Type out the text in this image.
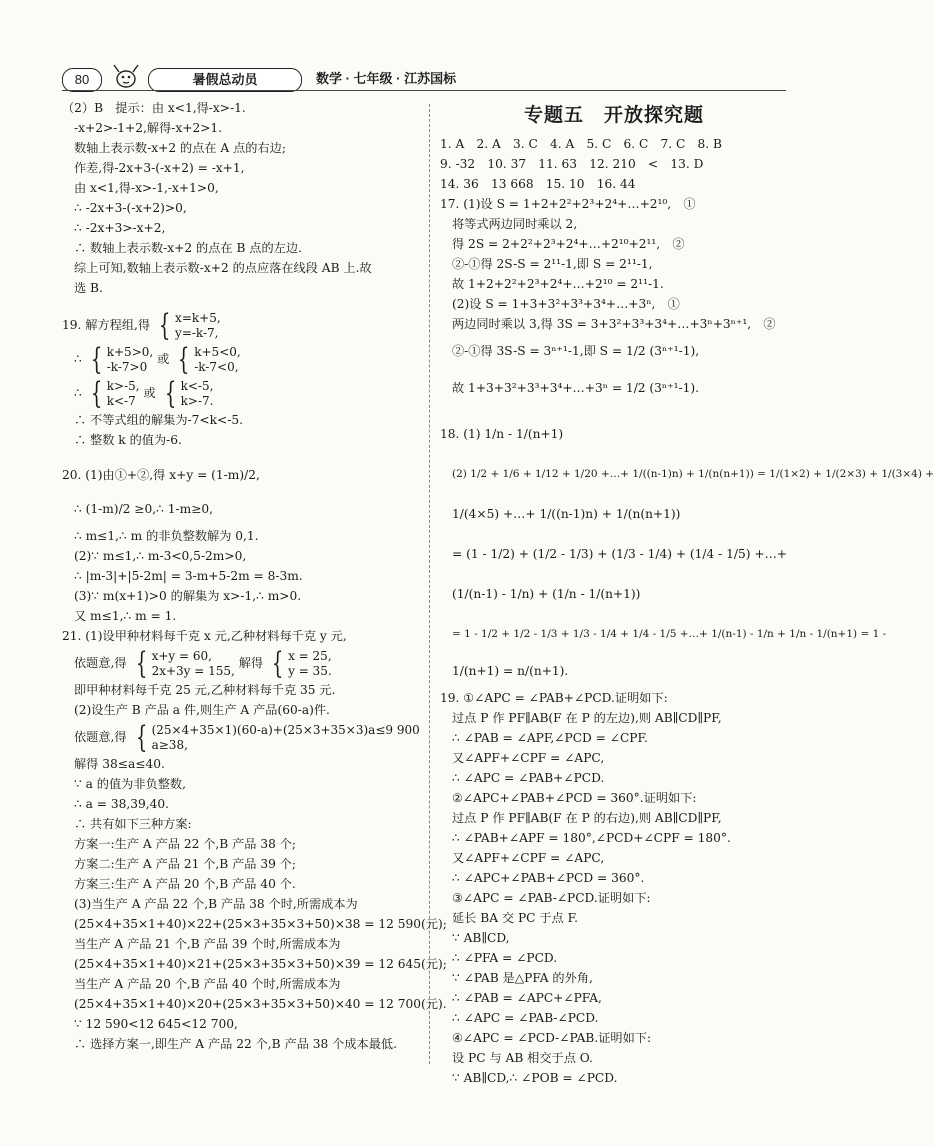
80	暑假总动员	数学 · 七年级 · 江苏国标
（2）B　提示：由 x<1,得-x>-1.
-x+2>-1+2,解得-x+2>1.
数轴上表示数-x+2 的点在 A 点的右边;
作差,得-2x+3-(-x+2) = -x+1,
由 x<1,得-x>-1,-x+1>0,
∴ -2x+3-(-x+2)>0,
∴ -2x+3>-x+2,
∴ 数轴上表示数-x+2 的点在 B 点的左边.
综上可知,数轴上表示数-x+2 的点应落在线段 AB 上.故
选 B.
19. 解方程组,得 { x=k+5,
y=-k-7,
∴ { k+5>0,
-k-7>0
或 { k+5<0,
-k-7<0,
∴ { k>-5,
k<-7
或 { k<-5,
k>-7.
∴ 不等式组的解集为-7<k<-5.
∴ 整数 k 的值为-6.
20. (1)由①+②,得 x+y = (1-m)/2,
∴ (1-m)/2 ≥0,∴ 1-m≥0,
∴ m≤1,∴ m 的非负整数解为 0,1.
(2)∵ m≤1,∴ m-3<0,5-2m>0,
∴ |m-3|+|5-2m| = 3-m+5-2m = 8-3m.
(3)∵ m(x+1)>0 的解集为 x>-1,∴ m>0.
又 m≤1,∴ m = 1.
21. (1)设甲种材料每千克 x 元,乙种材料每千克 y 元,
依题意,得 { x+y = 60,
2x+3y = 155,
解得 { x = 25,
y = 35.
即甲种材料每千克 25 元,乙种材料每千克 35 元.
(2)设生产 B 产品 a 件,则生产 A 产品(60-a)件.
依题意,得 { (25×4+35×1)(60-a)+(25×3+35×3)a≤9 900
a≥38,
解得 38≤a≤40.
∵ a 的值为非负整数,
∴ a = 38,39,40.
∴ 共有如下三种方案:
方案一:生产 A 产品 22 个,B 产品 38 个;
方案二:生产 A 产品 21 个,B 产品 39 个;
方案三:生产 A 产品 20 个,B 产品 40 个.
(3)当生产 A 产品 22 个,B 产品 38 个时,所需成本为
(25×4+35×1+40)×22+(25×3+35×3+50)×38 = 12 590(元);
当生产 A 产品 21 个,B 产品 39 个时,所需成本为
(25×4+35×1+40)×21+(25×3+35×3+50)×39 = 12 645(元);
当生产 A 产品 20 个,B 产品 40 个时,所需成本为
(25×4+35×1+40)×20+(25×3+35×3+50)×40 = 12 700(元).
∵ 12 590<12 645<12 700,
∴ 选择方案一,即生产 A 产品 22 个,B 产品 38 个成本最低.
专题五　开放探究题
1. A　2. A　3. C　4. A　5. C　6. C　7. C　8. B
9. -32　10. 37　11. 63　12. 210　<　13. D
14. 36　13 668　15. 10　16. 44
17. (1)设 S = 1+2+2²+2³+2⁴+…+2¹⁰,　①
将等式两边同时乘以 2,
得 2S = 2+2²+2³+2⁴+…+2¹⁰+2¹¹,　②
②-①得 2S-S = 2¹¹-1,即 S = 2¹¹-1,
故 1+2+2²+2³+2⁴+…+2¹⁰ = 2¹¹-1.
(2)设 S = 1+3+3²+3³+3⁴+…+3ⁿ,　①
两边同时乘以 3,得 3S = 3+3²+3³+3⁴+…+3ⁿ+3ⁿ⁺¹,　②
②-①得 3S-S = 3ⁿ⁺¹-1,即 S = 1/2 (3ⁿ⁺¹-1),
故 1+3+3²+3³+3⁴+…+3ⁿ = 1/2 (3ⁿ⁺¹-1).
18. (1) 1/n - 1/(n+1)
(2) 1/2 + 1/6 + 1/12 + 1/20 +…+ 1/((n-1)n) + 1/(n(n+1)) = 1/(1×2) + 1/(2×3) + 1/(3×4) +
1/(4×5) +…+ 1/((n-1)n) + 1/(n(n+1))
= (1 - 1/2) + (1/2 - 1/3) + (1/3 - 1/4) + (1/4 - 1/5) +…+
(1/(n-1) - 1/n) + (1/n - 1/(n+1))
= 1 - 1/2 + 1/2 - 1/3 + 1/3 - 1/4 + 1/4 - 1/5 +…+ 1/(n-1) - 1/n + 1/n - 1/(n+1) = 1 -
1/(n+1) = n/(n+1).
19. ①∠APC = ∠PAB+∠PCD.证明如下:
过点 P 作 PF∥AB(F 在 P 的左边),则 AB∥CD∥PF,
∴ ∠PAB = ∠APF,∠PCD = ∠CPF.
又∠APF+∠CPF = ∠APC,
∴ ∠APC = ∠PAB+∠PCD.
②∠APC+∠PAB+∠PCD = 360°.证明如下:
过点 P 作 PF∥AB(F 在 P 的右边),则 AB∥CD∥PF,
∴ ∠PAB+∠APF = 180°,∠PCD+∠CPF = 180°.
又∠APF+∠CPF = ∠APC,
∴ ∠APC+∠PAB+∠PCD = 360°.
③∠APC = ∠PAB-∠PCD.证明如下:
延长 BA 交 PC 于点 F.
∵ AB∥CD,
∴ ∠PFA = ∠PCD.
∵ ∠PAB 是△PFA 的外角,
∴ ∠PAB = ∠APC+∠PFA,
∴ ∠APC = ∠PAB-∠PCD.
④∠APC = ∠PCD-∠PAB.证明如下:
设 PC 与 AB 相交于点 O.
∵ AB∥CD,∴ ∠POB = ∠PCD.
